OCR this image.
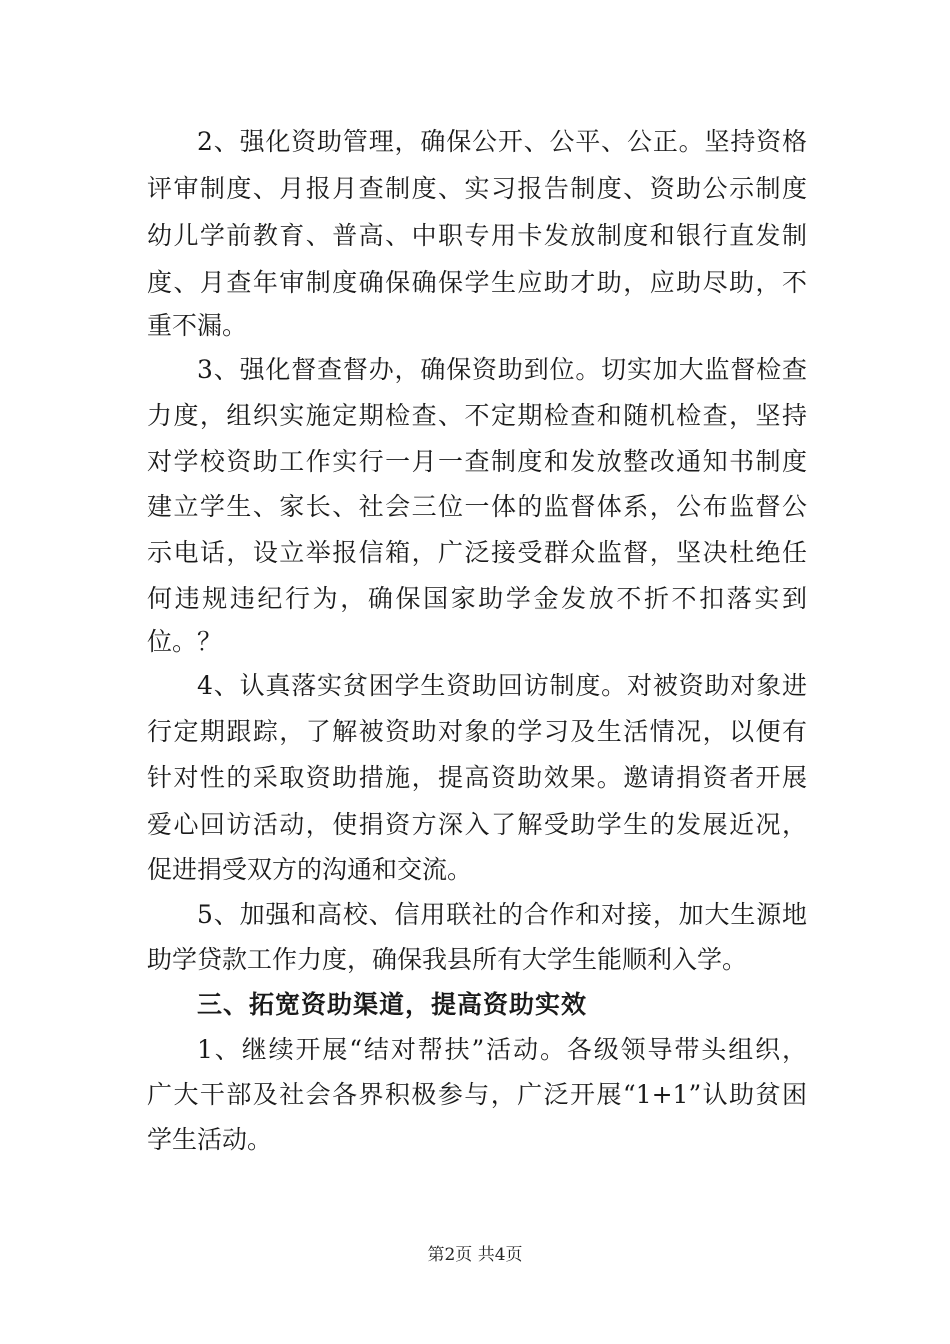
2、强化资助管理，确保公开、公平、公正。坚持资格
评审制度、月报月查制度、实习报告制度、资助公示制度
幼儿学前教育、普高、中职专用卡发放制度和银行直发制
度、月查年审制度确保确保学生应助才助，应助尽助，不
重不漏。
3、强化督查督办，确保资助到位。切实加大监督检查
力度，组织实施定期检查、不定期检查和随机检查，坚持
对学校资助工作实行一月一查制度和发放整改通知书制度
建立学生、家长、社会三位一体的监督体系，公布监督公
示电话，设立举报信箱，广泛接受群众监督，坚决杜绝任
何违规违纪行为，确保国家助学金发放不折不扣落实到
位。？
4、认真落实贫困学生资助回访制度。对被资助对象进
行定期跟踪，了解被资助对象的学习及生活情况，以便有
针对性的采取资助措施，提高资助效果。邀请捐资者开展
爱心回访活动，使捐资方深入了解受助学生的发展近况，
促进捐受双方的沟通和交流。
5、加强和高校、信用联社的合作和对接，加大生源地
助学贷款工作力度，确保我县所有大学生能顺利入学。
三、拓宽资助渠道，提高资助实效
1、继续开展“结对帮扶”活动。各级领导带头组织，
广大干部及社会各界积极参与，广泛开展“1+1”认助贫困
学生活动。
第2页 共4页
